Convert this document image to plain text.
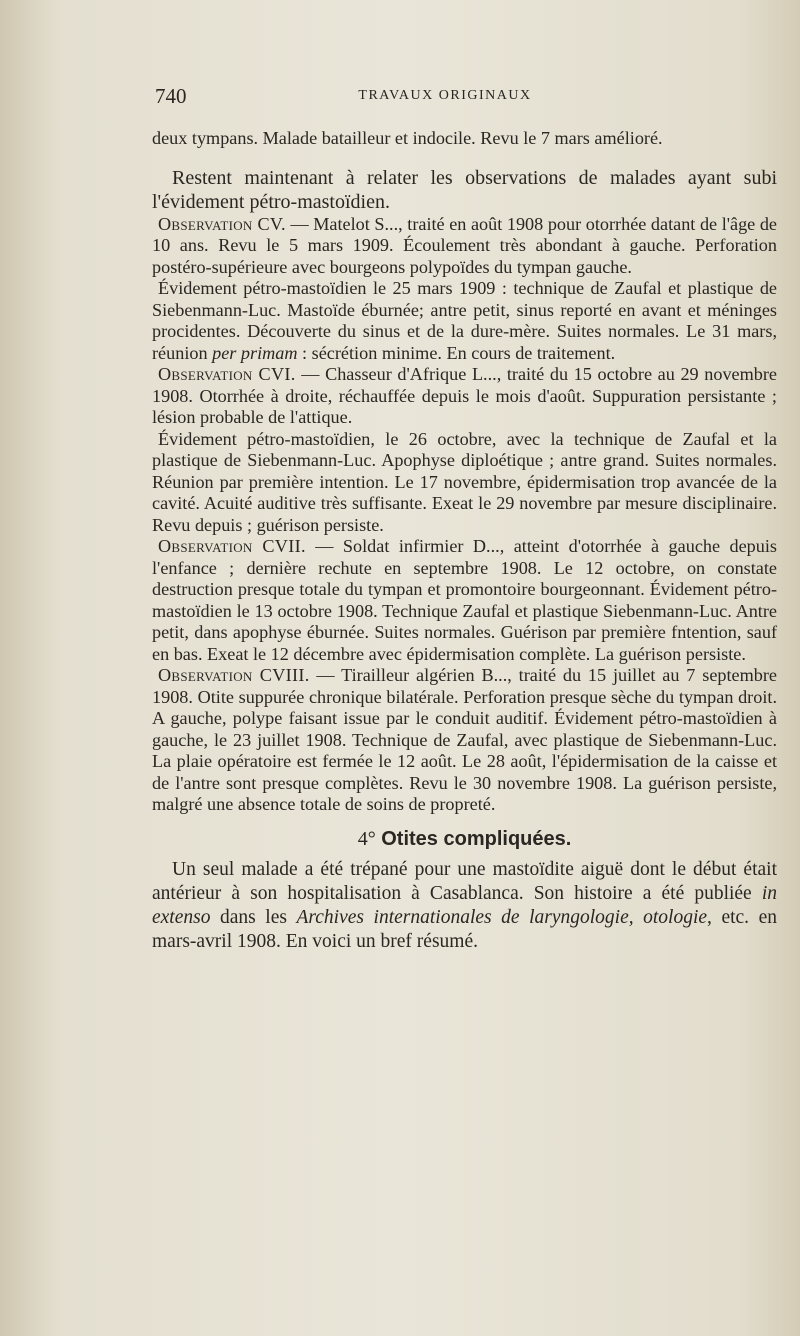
740	TRAVAUX ORIGINAUX

deux tympans. Malade batailleur et indocile. Revu le 7 mars amélioré.

Restent maintenant à relater les observations de malades ayant subi l'évidement pétro-mastoïdien.

Observation CV. — Matelot S..., traité en août 1908 pour otorrhée datant de l'âge de 10 ans. Revu le 5 mars 1909. Écoulement très abondant à gauche. Perforation postéro-supérieure avec bourgeons polypoïdes du tympan gauche.

Évidement pétro-mastoïdien le 25 mars 1909 : technique de Zaufal et plastique de Siebenmann-Luc. Mastoïde éburnée; antre petit, sinus reporté en avant et méninges procidentes. Découverte du sinus et de la dure-mère. Suites normales. Le 31 mars, réunion per primam : sécrétion minime. En cours de traitement.

Observation CVI. — Chasseur d'Afrique L..., traité du 15 octobre au 29 novembre 1908. Otorrhée à droite, réchauffée depuis le mois d'août. Suppuration persistante ; lésion probable de l'attique.

Évidement pétro-mastoïdien, le 26 octobre, avec la technique de Zaufal et la plastique de Siebenmann-Luc. Apophyse diploétique ; antre grand. Suites normales. Réunion par première intention. Le 17 novembre, épidermisation trop avancée de la cavité. Acuité auditive très suffisante. Exeat le 29 novembre par mesure disciplinaire. Revu depuis ; guérison persiste.

Observation CVII. — Soldat infirmier D..., atteint d'otorrhée à gauche depuis l'enfance ; dernière rechute en septembre 1908. Le 12 octobre, on constate destruction presque totale du tympan et promontoire bourgeonnant. Évidement pétro-mastoïdien le 13 octobre 1908. Technique Zaufal et plastique Siebenmann-Luc. Antre petit, dans apophyse éburnée. Suites normales. Guérison par première fntention, sauf en bas. Exeat le 12 décembre avec épidermisation complète. La guérison persiste.

Observation CVIII. — Tirailleur algérien B..., traité du 15 juillet au 7 septembre 1908. Otite suppurée chronique bilatérale. Perforation presque sèche du tympan droit. A gauche, polype faisant issue par le conduit auditif. Évidement pétro-mastoïdien à gauche, le 23 juillet 1908. Technique de Zaufal, avec plastique de Siebenmann-Luc. La plaie opératoire est fermée le 12 août. Le 28 août, l'épidermisation de la caisse et de l'antre sont presque complètes. Revu le 30 novembre 1908. La guérison persiste, malgré une absence totale de soins de propreté.

4° Otites compliquées.

Un seul malade a été trépané pour une mastoïdite aiguë dont le début était antérieur à son hospitalisation à Casablanca. Son histoire a été publiée in extenso dans les Archives internationales de laryngologie, otologie, etc. en mars-avril 1908. En voici un bref résumé.
